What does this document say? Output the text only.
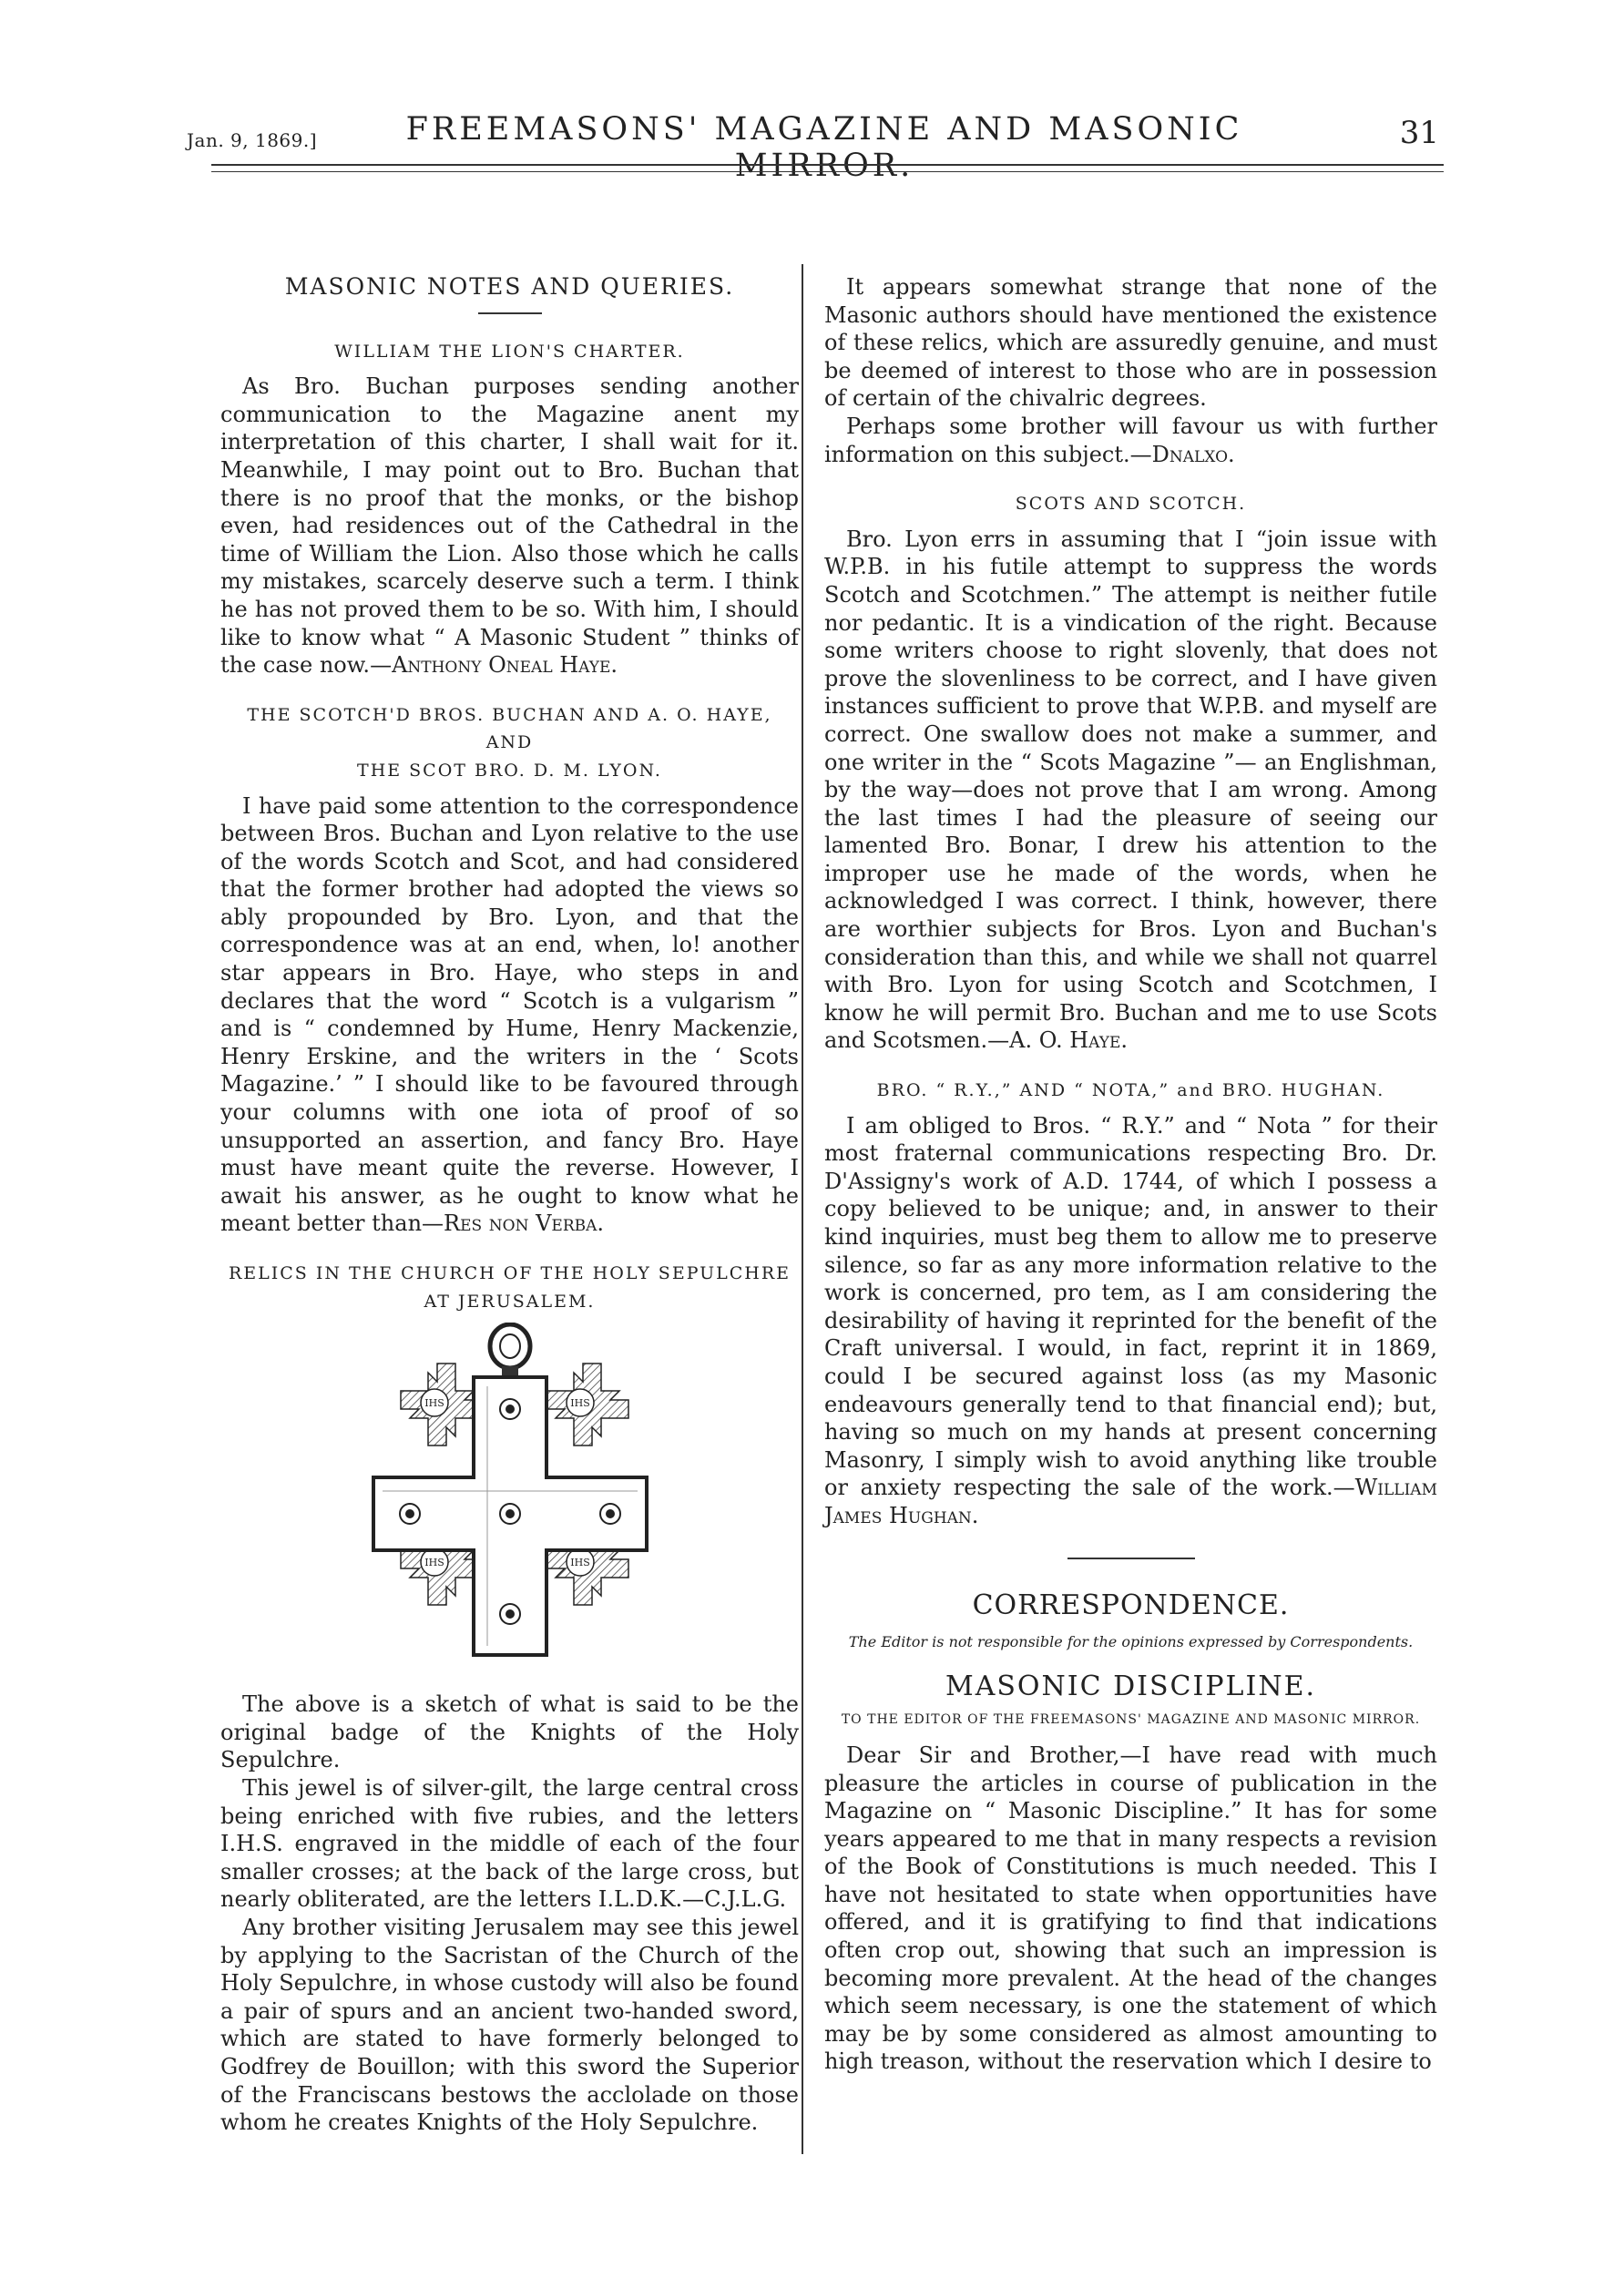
Jan. 9, 1869.]	FREEMASONS' MAGAZINE AND MASONIC MIRROR.
31

MASONIC NOTES AND QUERIES.

WILLIAM THE LION'S CHARTER.

As Bro. Buchan purposes sending another communication to the Magazine anent my interpretation of this charter, I shall wait for it. Meanwhile, I may point out to Bro. Buchan that there is no proof that the monks, or the bishop even, had residences out of the Cathedral in the time of William the Lion. Also those which he calls my mistakes, scarcely deserve such a term. I think he has not proved them to be so. With him, I should like to know what “ A Masonic Student ” thinks of the case now.—Anthony Oneal Haye.

THE SCOTCH'D BROS. BUCHAN AND A. O. HAYE, AND
THE SCOT BRO. D. M. LYON.

I have paid some attention to the correspondence between Bros. Buchan and Lyon relative to the use of the words Scotch and Scot, and had considered that the former brother had adopted the views so ably propounded by Bro. Lyon, and that the correspondence was at an end, when, lo! another star appears in Bro. Haye, who steps in and declares that the word “ Scotch is a vulgarism ” and is “ condemned by Hume, Henry Mackenzie, Henry Erskine, and the writers in the ‘ Scots Magazine.’ ” I should like to be favoured through your columns with one iota of proof of so unsupported an assertion, and fancy Bro. Haye must have meant quite the reverse. However, I await his answer, as he ought to know what he meant better than—Res non Verba.

RELICS IN THE CHURCH OF THE HOLY SEPULCHRE
AT JERUSALEM.

IHS	IHS
IHS	IHS

The above is a sketch of what is said to be the original badge of the Knights of the Holy Sepulchre.

This jewel is of silver-gilt, the large central cross being enriched with five rubies, and the letters I.H.S. engraved in the middle of each of the four smaller crosses; at the back of the large cross, but nearly obliterated, are the letters I.L.D.K.—C.J.L.G.

Any brother visiting Jerusalem may see this jewel by applying to the Sacristan of the Church of the Holy Sepulchre, in whose custody will also be found a pair of spurs and an ancient two-handed sword, which are stated to have formerly belonged to Godfrey de Bouillon; with this sword the Superior of the Franciscans bestows the acclolade on those whom he creates Knights of the Holy Sepulchre.

It appears somewhat strange that none of the Masonic authors should have mentioned the existence of these relics, which are assuredly genuine, and must be deemed of interest to those who are in possession of certain of the chivalric degrees.

Perhaps some brother will favour us with further information on this subject.—Dnalxo.

SCOTS AND SCOTCH.

Bro. Lyon errs in assuming that I “join issue with W.P.B. in his futile attempt to suppress the words Scotch and Scotchmen.” The attempt is neither futile nor pedantic. It is a vindication of the right. Because some writers choose to right slovenly, that does not prove the slovenliness to be correct, and I have given instances sufficient to prove that W.P.B. and myself are correct. One swallow does not make a summer, and one writer in the “ Scots Magazine ”— an Englishman, by the way—does not prove that I am wrong. Among the last times I had the pleasure of seeing our lamented Bro. Bonar, I drew his attention to the improper use he made of the words, when he acknowledged I was correct. I think, however, there are worthier subjects for Bros. Lyon and Buchan's consideration than this, and while we shall not quarrel with Bro. Lyon for using Scotch and Scotchmen, I know he will permit Bro. Buchan and me to use Scots and Scotsmen.—A. O. Haye.

BRO. “ R.Y.,” AND “ NOTA,” and BRO. HUGHAN.

I am obliged to Bros. “ R.Y.” and “ Nota ” for their most fraternal communications respecting Bro. Dr. D'Assigny's work of A.D. 1744, of which I possess a copy believed to be unique; and, in answer to their kind inquiries, must beg them to allow me to preserve silence, so far as any more information relative to the work is concerned, pro tem, as I am considering the desirability of having it reprinted for the benefit of the Craft universal. I would, in fact, reprint it in 1869, could I be secured against loss (as my Masonic endeavours generally tend to that financial end); but, having so much on my hands at present concerning Masonry, I simply wish to avoid anything like trouble or anxiety respecting the sale of the work.—William James Hughan.

CORRESPONDENCE.

The Editor is not responsible for the opinions expressed by Correspondents.

MASONIC DISCIPLINE.

TO THE EDITOR OF THE FREEMASONS' MAGAZINE AND MASONIC MIRROR.

Dear Sir and Brother,—I have read with much pleasure the articles in course of publication in the Magazine on “ Masonic Discipline.” It has for some years appeared to me that in many respects a revision of the Book of Constitutions is much needed. This I have not hesitated to state when opportunities have offered, and it is gratifying to find that indications often crop out, showing that such an impression is becoming more prevalent. At the head of the changes which seem necessary, is one the statement of which may be by some considered as almost amounting to high treason, without the reservation which I desire to
